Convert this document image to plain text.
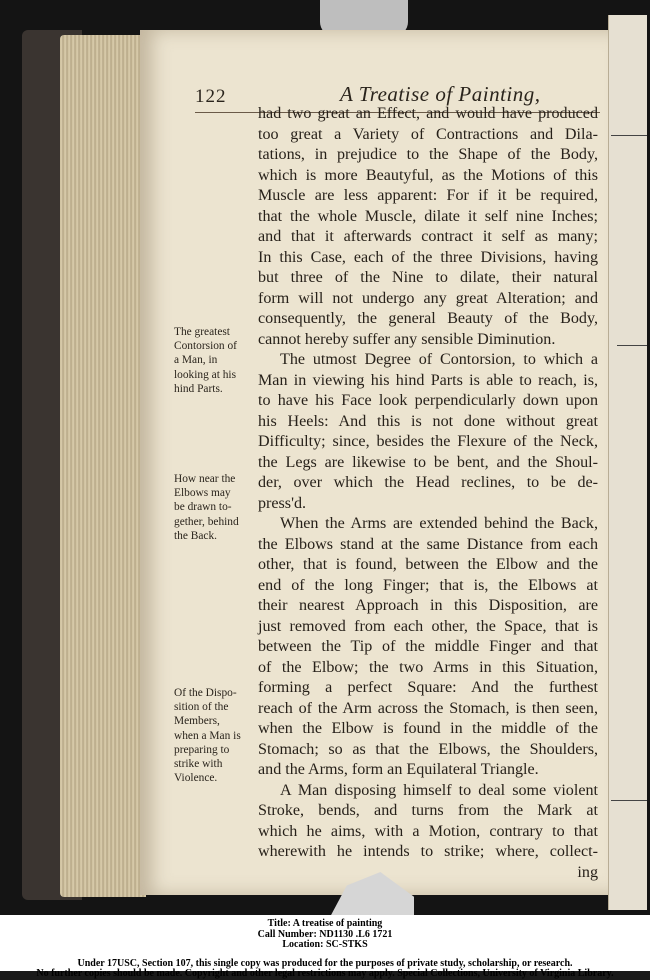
122	A Treatise of Painting,
had two great an Effect, and would have produced
too great a Variety of Contractions and Dila-
tations, in prejudice to the Shape of the Body,
which is more Beautyful, as the Motions of this
Muscle are less apparent: For if it be required,
that the whole Muscle, dilate it self nine Inches;
and that it afterwards contract it self as many;
In this Case, each of the three Divisions, having
but three of the Nine to dilate, their natural
form will not undergo any great Alteration; and
consequently, the general Beauty of the Body,
cannot hereby suffer any sensible Diminution.
The utmost Degree of Contorsion, to which a
Man in viewing his hind Parts is able to reach, is,
to have his Face look perpendicularly down upon
his Heels: And this is not done without great
Difficulty; since, besides the Flexure of the Neck,
the Legs are likewise to be bent, and the Shoul-
der, over which the Head reclines, to be de-
press'd.
When the Arms are extended behind the Back,
the Elbows stand at the same Distance from each
other, that is found, between the Elbow and the
end of the long Finger; that is, the Elbows at
their nearest Approach in this Disposition, are
just removed from each other, the Space, that is
between the Tip of the middle Finger and that
of the Elbow; the two Arms in this Situation,
forming a perfect Square: And the furthest
reach of the Arm across the Stomach, is then seen,
when the Elbow is found in the middle of the
Stomach; so as that the Elbows, the Shoulders,
and the Arms, form an Equilateral Triangle.
A Man disposing himself to deal some violent
Stroke, bends, and turns from the Mark at
which he aims, with a Motion, contrary to that
wherewith he intends to strike; where, collect-
ing
The greatest
Contorsion of
a Man, in
looking at his
hind Parts.
How near the
Elbows may
be drawn to-
gether, behind
the Back.
Of the Dispo-
sition of the
Members,
when a Man is
preparing to
strike with
Violence.
Title: A treatise of painting
Call Number: ND1130 .L6 1721
Location: SC-STKS
Under 17USC, Section 107, this single copy was produced for the purposes of private study, scholarship, or research.
No further copies should be made. Copyright and other legal restrictions may apply. Special Collections, University of Virginia Library.
